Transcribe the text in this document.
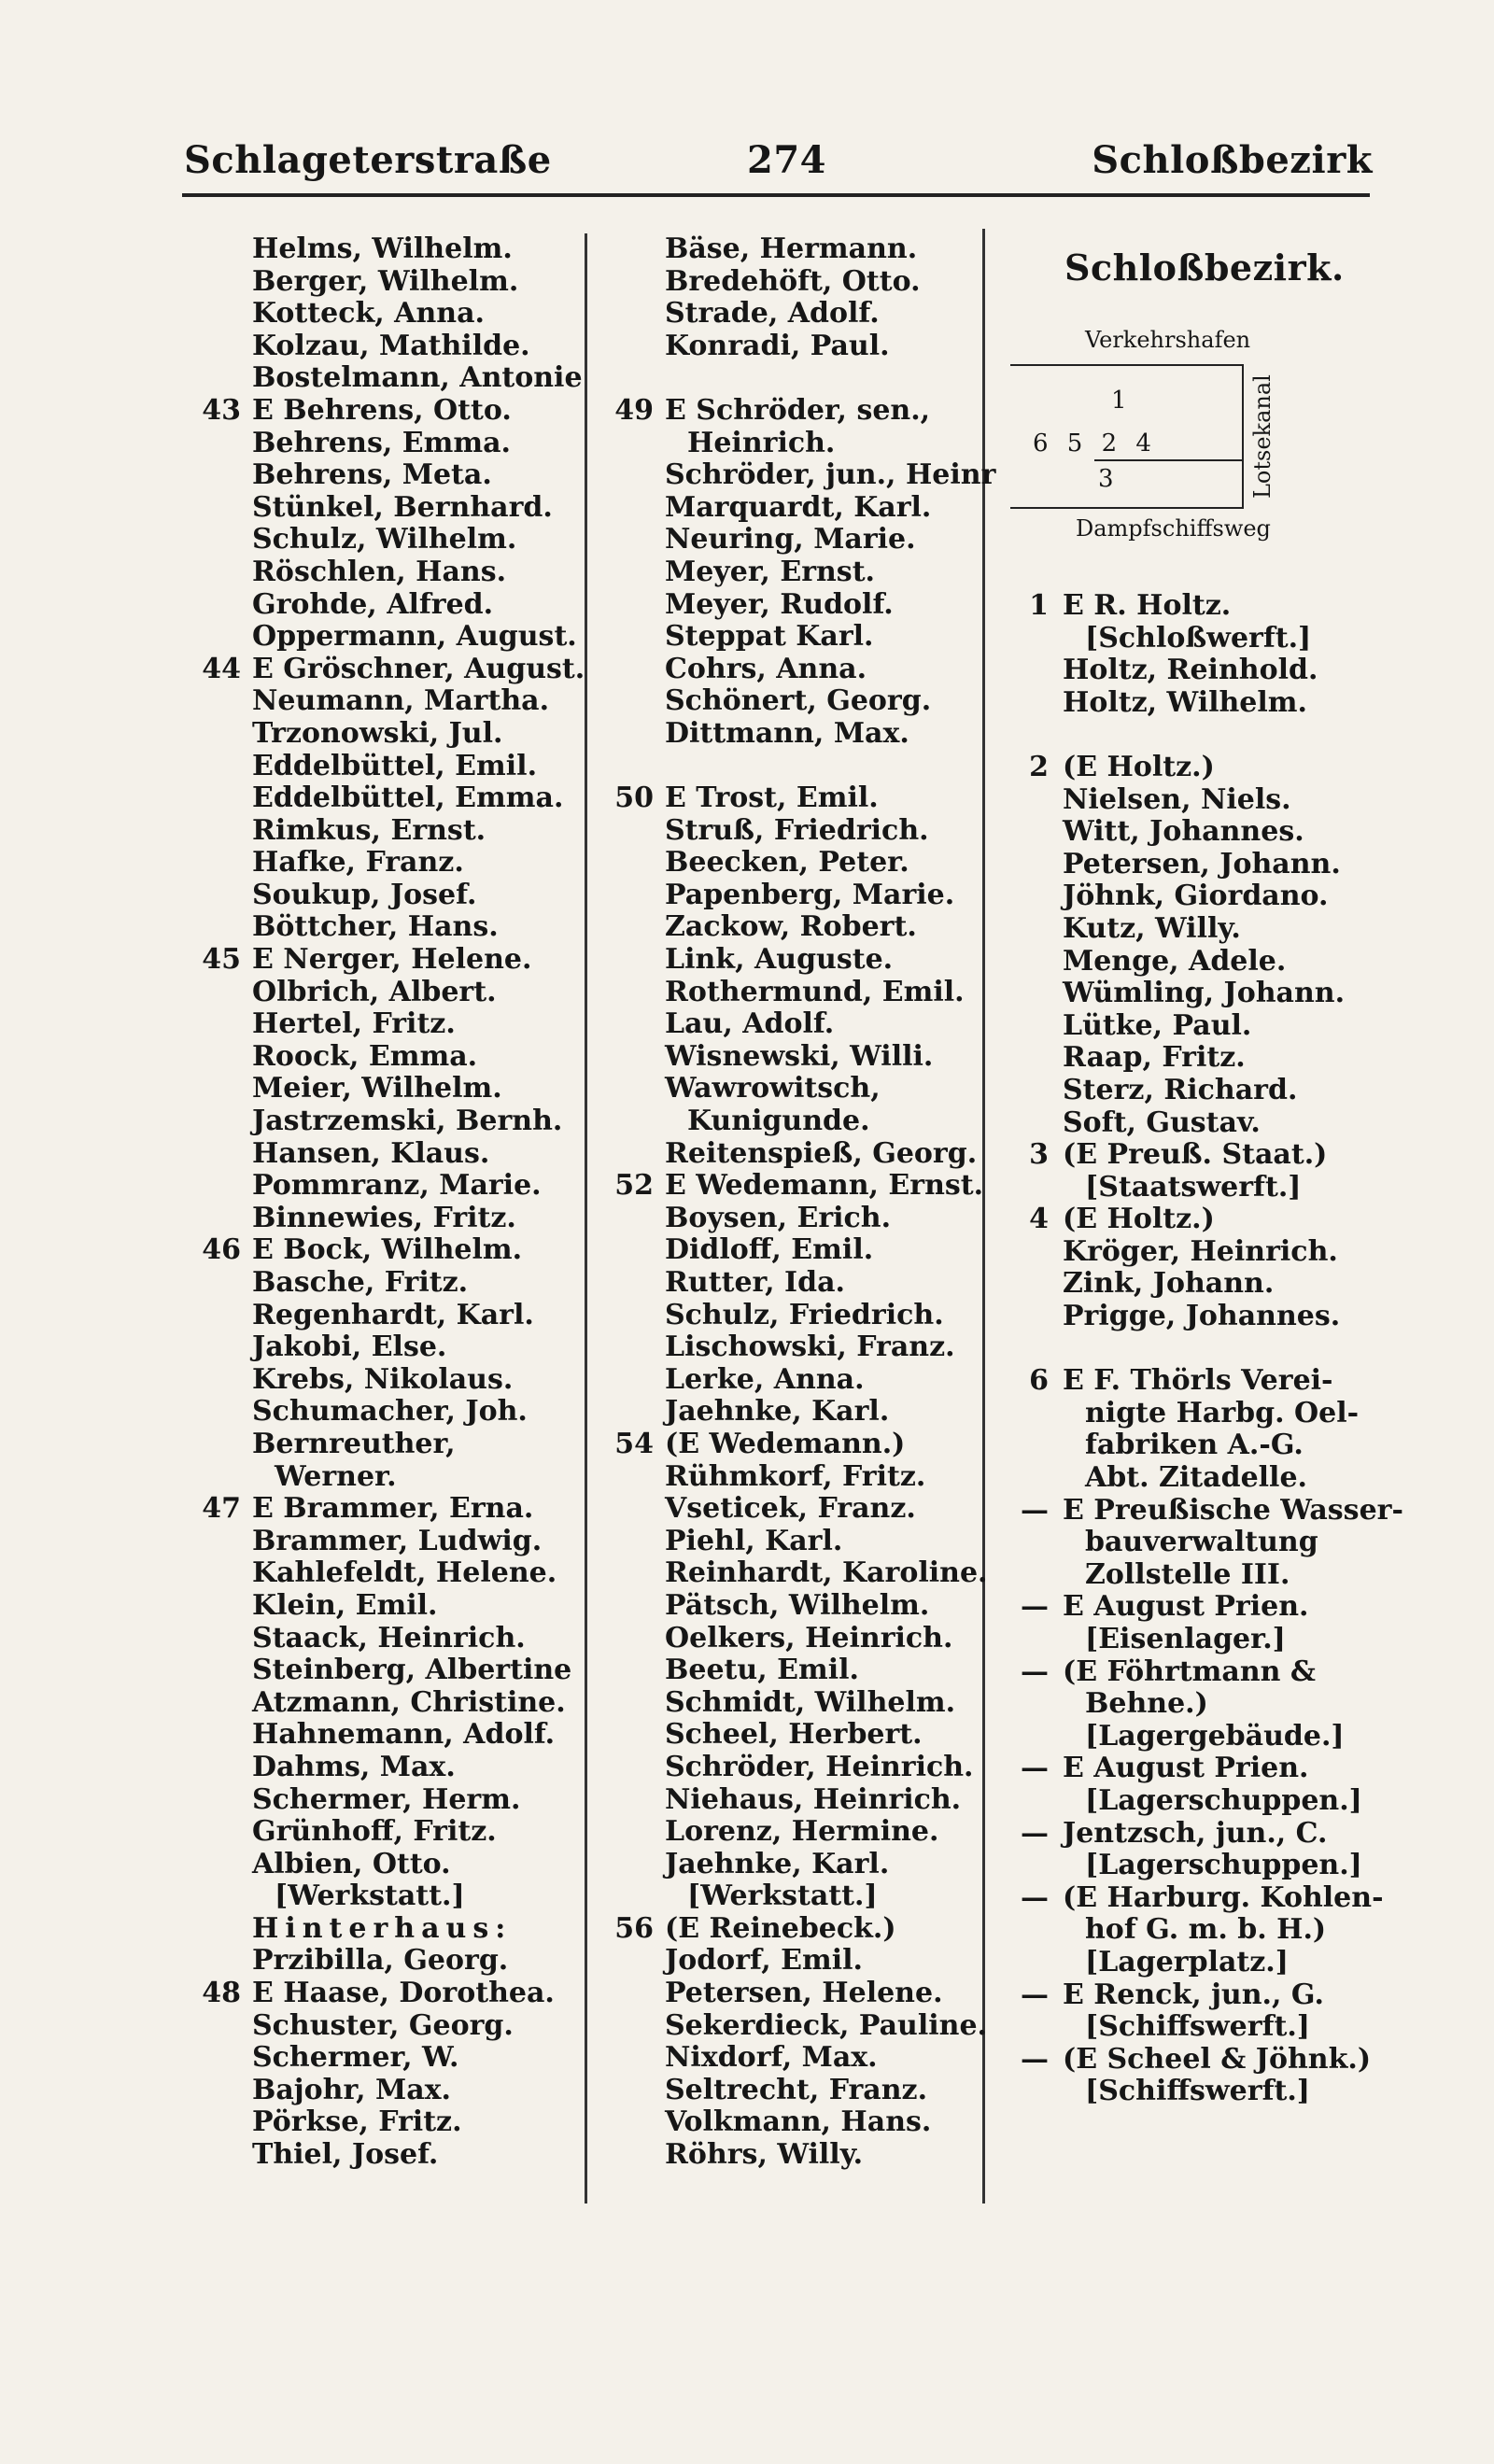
Schlageterstraße	274	Schloßbezirk
Helms, Wilhelm.
Berger, Wilhelm.
Kotteck, Anna.
Kolzau, Mathilde.
Bostelmann, Antonie
43 E Behrens, Otto.
Behrens, Emma.
Behrens, Meta.
Stünkel, Bernhard.
Schulz, Wilhelm.
Röschlen, Hans.
Grohde, Alfred.
Oppermann, August.
44 E Gröschner, August.
Neumann, Martha.
Trzonowski, Jul.
Eddelbüttel, Emil.
Eddelbüttel, Emma.
Rimkus, Ernst.
Hafke, Franz.
Soukup, Josef.
Böttcher, Hans.
45 E Nerger, Helene.
Olbrich, Albert.
Hertel, Fritz.
Roock, Emma.
Meier, Wilhelm.
Jastrzemski, Bernh.
Hansen, Klaus.
Pommranz, Marie.
Binnewies, Fritz.
46 E Bock, Wilhelm.
Basche, Fritz.
Regenhardt, Karl.
Jakobi, Else.
Krebs, Nikolaus.
Schumacher, Joh.
Bernreuther,
Werner.
47 E Brammer, Erna.
Brammer, Ludwig.
Kahlefeldt, Helene.
Klein, Emil.
Staack, Heinrich.
Steinberg, Albertine
Atzmann, Christine.
Hahnemann, Adolf.
Dahms, Max.
Schermer, Herm.
Grünhoff, Fritz.
Albien, Otto.
[Werkstatt.]
Hinterhaus:
Przibilla, Georg.
48 E Haase, Dorothea.
Schuster, Georg.
Schermer, W.
Bajohr, Max.
Pörkse, Fritz.
Thiel, Josef.
Bäse, Hermann.
Bredehöft, Otto.
Strade, Adolf.
Konradi, Paul.
49 E Schröder, sen.,
Heinrich.
Schröder, jun., Heinr
Marquardt, Karl.
Neuring, Marie.
Meyer, Ernst.
Meyer, Rudolf.
Steppat Karl.
Cohrs, Anna.
Schönert, Georg.
Dittmann, Max.
50 E Trost, Emil.
Struß, Friedrich.
Beecken, Peter.
Papenberg, Marie.
Zackow, Robert.
Link, Auguste.
Rothermund, Emil.
Lau, Adolf.
Wisnewski, Willi.
Wawrowitsch,
Kunigunde.
Reitenspieß, Georg.
52 E Wedemann, Ernst.
Boysen, Erich.
Didloff, Emil.
Rutter, Ida.
Schulz, Friedrich.
Lischowski, Franz.
Lerke, Anna.
Jaehnke, Karl.
54 (E Wedemann.)
Rühmkorf, Fritz.
Vseticek, Franz.
Piehl, Karl.
Reinhardt, Karoline.
Pätsch, Wilhelm.
Oelkers, Heinrich.
Beetu, Emil.
Schmidt, Wilhelm.
Scheel, Herbert.
Schröder, Heinrich.
Niehaus, Heinrich.
Lorenz, Hermine.
Jaehnke, Karl.
[Werkstatt.]
56 (E Reinebeck.)
Jodorf, Emil.
Petersen, Helene.
Sekerdieck, Pauline.
Nixdorf, Max.
Seltrecht, Franz.
Volkmann, Hans.
Röhrs, Willy.
Schloßbezirk.
Verkehrshafen
1
6 5 2 4
3	Lotsekanal
Dampfschiffsweg
1 E R. Holtz.
[Schloßwerft.]
Holtz, Reinhold.
Holtz, Wilhelm.
2 (E Holtz.)
Nielsen, Niels.
Witt, Johannes.
Petersen, Johann.
Jöhnk, Giordano.
Kutz, Willy.
Menge, Adele.
Wümling, Johann.
Lütke, Paul.
Raap, Fritz.
Sterz, Richard.
Soft, Gustav.
3 (E Preuß. Staat.)
[Staatswerft.]
4 (E Holtz.)
Kröger, Heinrich.
Zink, Johann.
Prigge, Johannes.
6 E F. Thörls Verei-
nigte Harbg. Oel-
fabriken A.-G.
Abt. Zitadelle.
— E Preußische Wasser-
bauverwaltung
Zollstelle III.
— E August Prien.
[Eisenlager.]
— (E Föhrtmann &
Behne.)
[Lagergebäude.]
— E August Prien.
[Lagerschuppen.]
— Jentzsch, jun., C.
[Lagerschuppen.]
— (E Harburg. Kohlen-
hof G. m. b. H.)
[Lagerplatz.]
— E Renck, jun., G.
[Schiffswerft.]
— (E Scheel & Jöhnk.)
[Schiffswerft.]
